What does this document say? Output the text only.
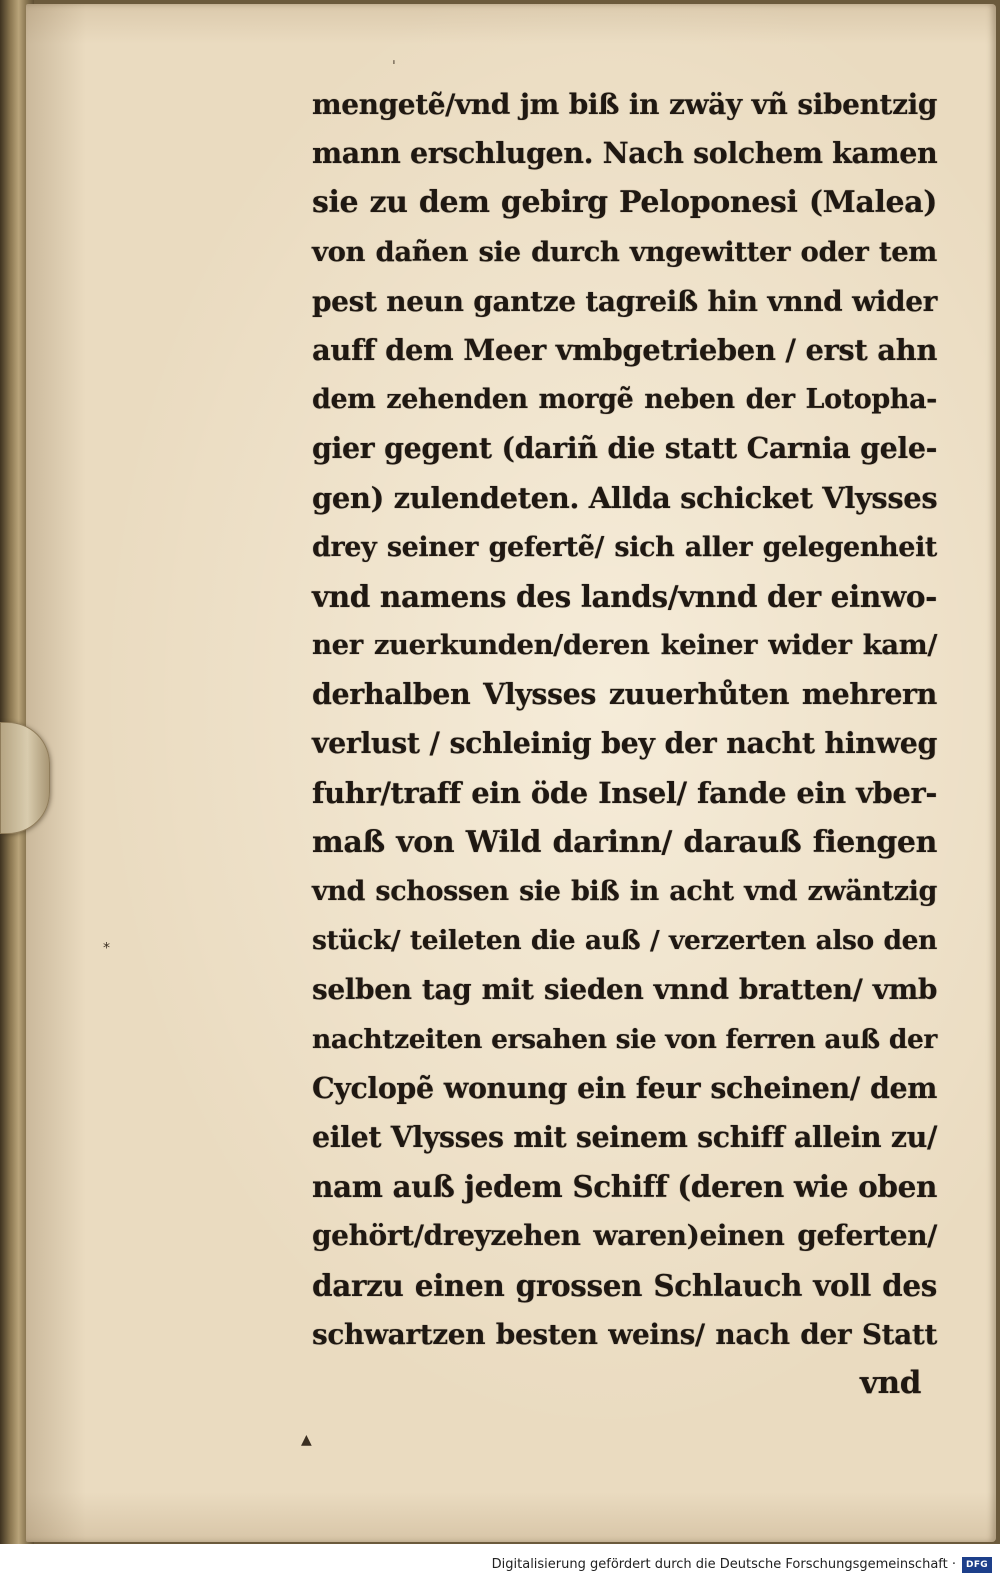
ˈ
⁎
▲
mengetẽ/vnd jm biß in zwäy vñ sibentzig
mann erschlugen. Nach solchem kamen
sie zu dem gebirg Peloponesi (Malea)
von dañen sie durch vngewitter oder tem
pest neun gantze tagreiß hin vnnd wider
auff dem Meer vmbgetrieben / erst ahn
dem zehenden morgẽ neben der Lotopha-
gier gegent (dariñ die statt Carnia gele-
gen) zulendeten. Allda schicket Vlysses
drey seiner gefertẽ/ sich aller gelegenheit
vnd namens des lands/vnnd der einwo-
ner zuerkunden/deren keiner wider kam/
derhalben Vlysses zuuerhůten mehrern
verlust / schleinig bey der nacht hinweg
fuhr/traff ein öde Insel/ fande ein vber-
maß von Wild darinn/ darauß fiengen
vnd schossen sie biß in acht vnd zwäntzig
stück/ teileten die auß / verzerten also den
selben tag mit sieden vnnd bratten/ vmb
nachtzeiten ersahen sie von ferren auß der
Cyclopẽ wonung ein feur scheinen/ dem
eilet Vlysses mit seinem schiff allein zu/
nam auß jedem Schiff (deren wie oben
gehört/dreyzehen waren)einen geferten/
darzu einen grossen Schlauch voll des
schwartzen besten weins/ nach der Statt
vnd
Digitalisierung gefördert durch die Deutsche Forschungsgemeinschaft ·	DFG
